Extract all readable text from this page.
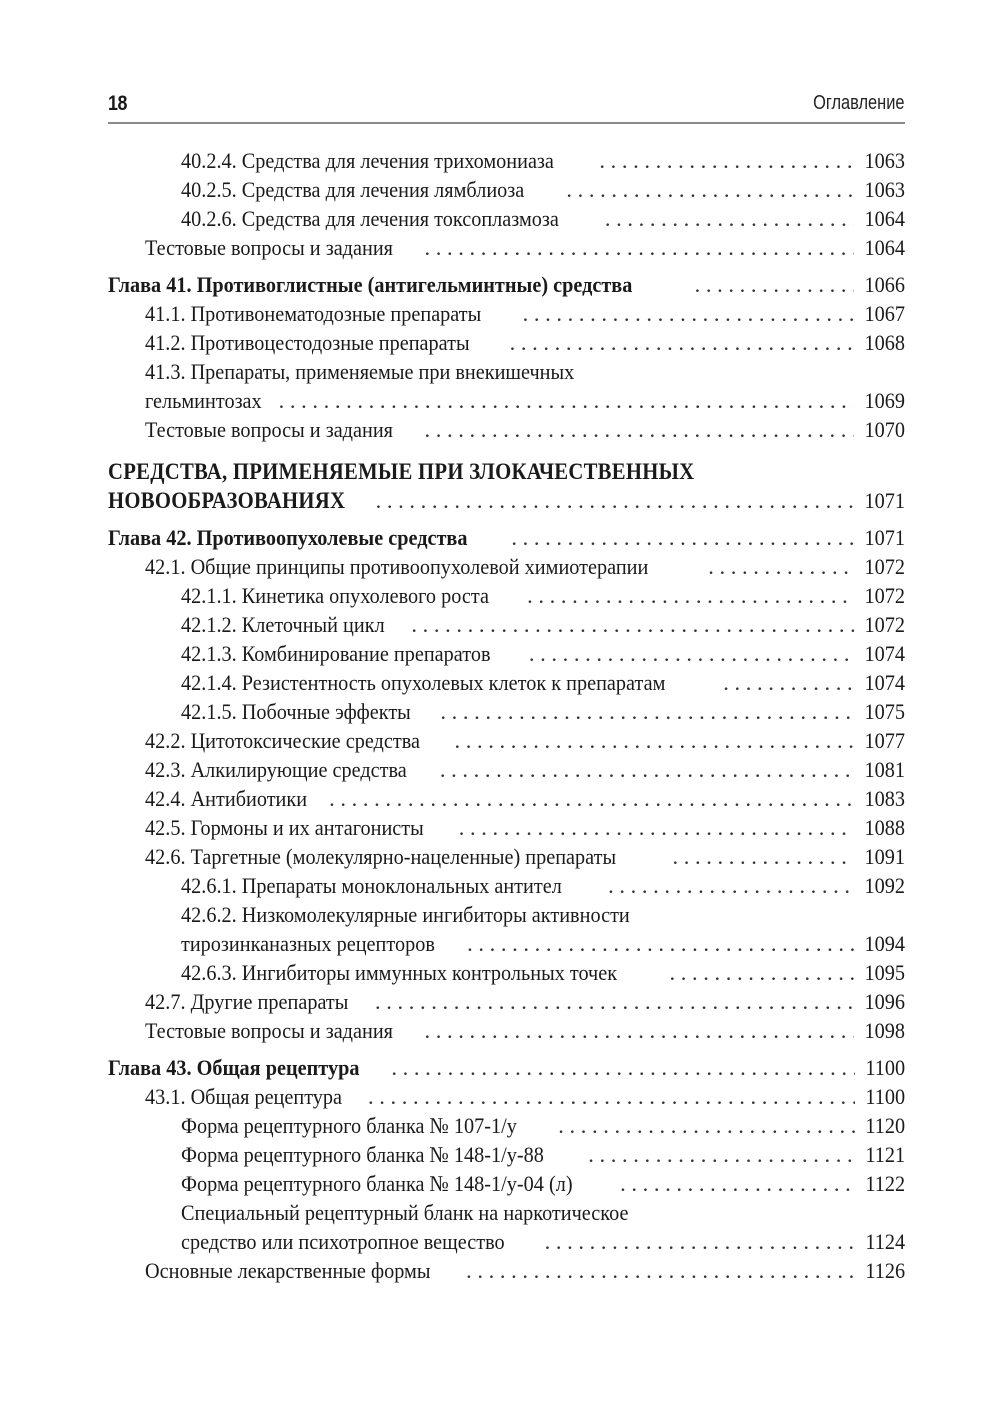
18	Оглавление
40.2.4. Средства для лечения трихомониаза . . .	1063
40.2.5. Средства для лечения лямблиоза . . .	1063
40.2.6. Средства для лечения токсоплазмоза . . .	1064
Тестовые вопросы и задания . . .	1064
Глава 41. Противоглистные (антигельминтные) средства . . .	1066
41.1. Противонематодозные препараты . . .	1067
41.2. Противоцестодозные препараты . . .	1068
41.3. Препараты, применяемые при внекишечных
гельминтозах . . .	1069
Тестовые вопросы и задания . . .	1070
СРЕДСТВА, ПРИМЕНЯЕМЫЕ ПРИ ЗЛОКАЧЕСТВЕННЫХ
НОВООБРАЗОВАНИЯХ . . .	1071
Глава 42. Противоопухолевые средства . . .	1071
42.1. Общие принципы противоопухолевой химиотерапии . . .	1072
42.1.1. Кинетика опухолевого роста . . .	1072
42.1.2. Клеточный цикл . . .	1072
42.1.3. Комбинирование препаратов . . .	1074
42.1.4. Резистентность опухолевых клеток к препаратам . . .	1074
42.1.5. Побочные эффекты . . .	1075
42.2. Цитотоксические средства . . .	1077
42.3. Алкилирующие средства . . .	1081
42.4. Антибиотики . . .	1083
42.5. Гормоны и их антагонисты . . .	1088
42.6. Таргетные (молекулярно-нацеленные) препараты . . .	1091
42.6.1. Препараты моноклональных антител . . .	1092
42.6.2. Низкомолекулярные ингибиторы активности
тирозинканазных рецепторов . . .	1094
42.6.3. Ингибиторы иммунных контрольных точек . . .	1095
42.7. Другие препараты . . .	1096
Тестовые вопросы и задания . . .	1098
Глава 43. Общая рецептура . . .	1100
43.1. Общая рецептура . . .	1100
Форма рецептурного бланка № 107-1/у . . .	1120
Форма рецептурного бланка № 148-1/у-88 . . .	1121
Форма рецептурного бланка № 148-1/у-04 (л) . . .	1122
Специальный рецептурный бланк на наркотическое
средство или психотропное вещество . . .	1124
Основные лекарственные формы . . .	1126
